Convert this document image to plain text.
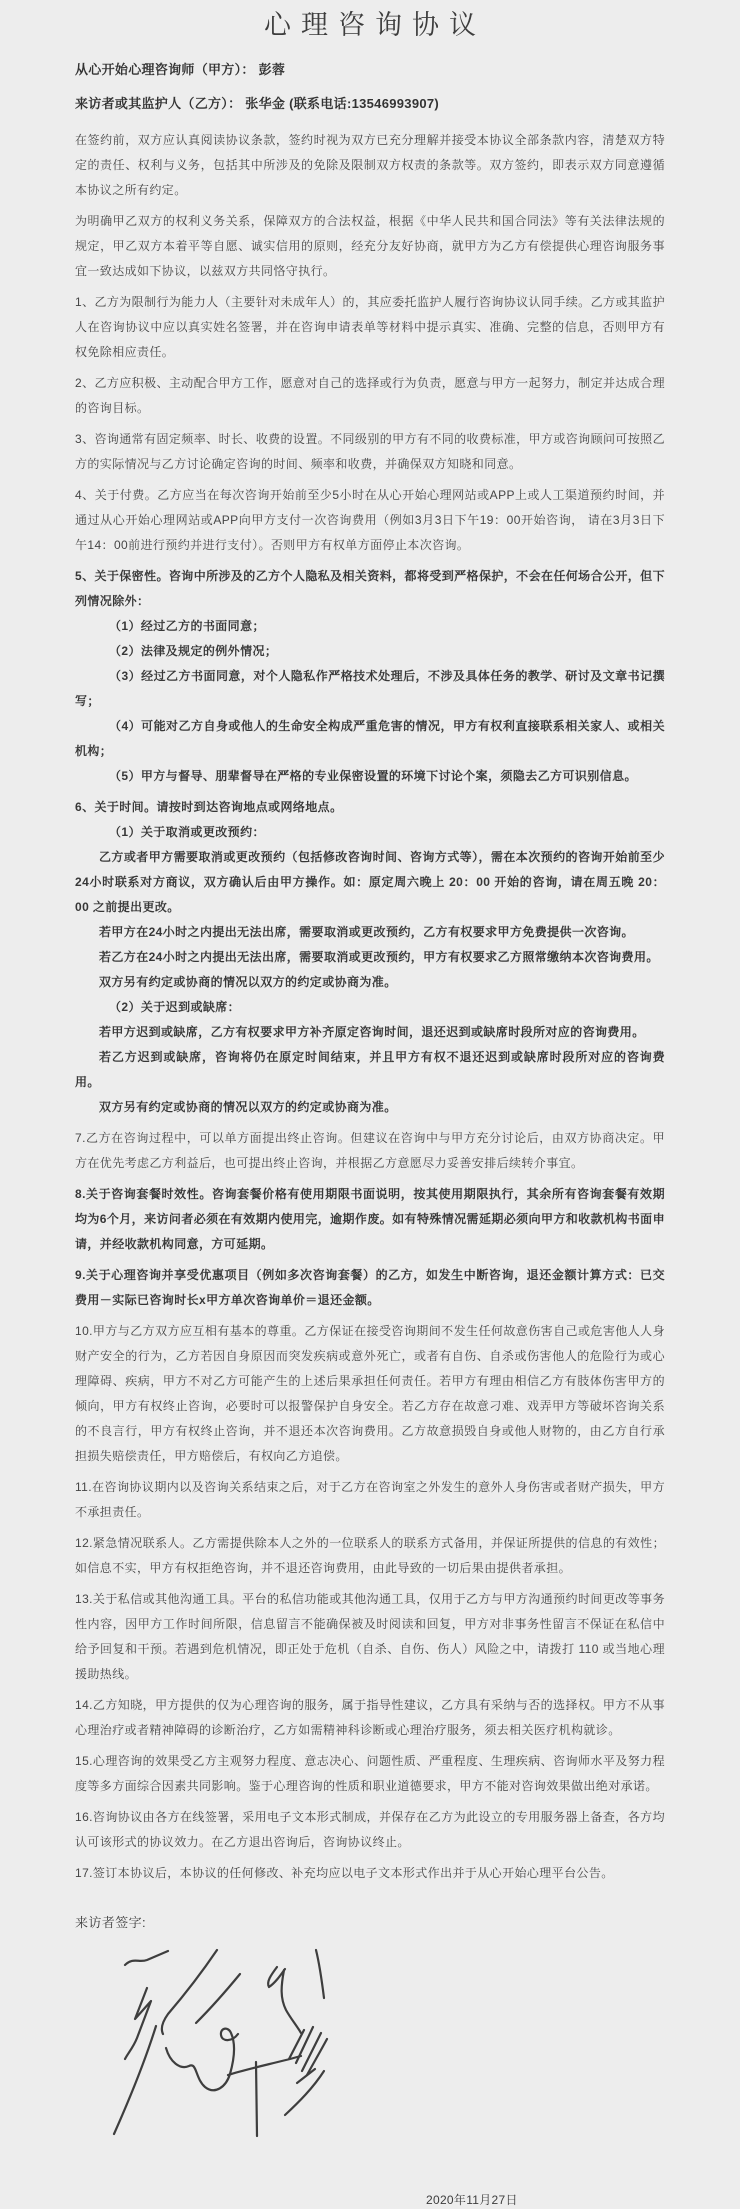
心理咨询协议

从心开始心理咨询师（甲方）： 彭蓉

来访者或其监护人（乙方）： 张华金 (联系电话:13546993907)

在签约前，双方应认真阅读协议条款，签约时视为双方已充分理解并接受本协议全部条款内容，清楚双方特定的责任、权利与义务，包括其中所涉及的免除及限制双方权责的条款等。双方签约，即表示双方同意遵循本协议之所有约定。

为明确甲乙双方的权利义务关系，保障双方的合法权益，根据《中华人民共和国合同法》等有关法律法规的规定，甲乙双方本着平等自愿、诚实信用的原则，经充分友好协商，就甲方为乙方有偿提供心理咨询服务事宜一致达成如下协议，以兹双方共同恪守执行。

1、乙方为限制行为能力人（主要针对未成年人）的，其应委托监护人履行咨询协议认同手续。乙方或其监护人在咨询协议中应以真实姓名签署，并在咨询申请表单等材料中提示真实、准确、完整的信息，否则甲方有权免除相应责任。

2、乙方应积极、主动配合甲方工作，愿意对自己的选择或行为负责，愿意与甲方一起努力，制定并达成合理的咨询目标。

3、咨询通常有固定频率、时长、收费的设置。不同级别的甲方有不同的收费标准，甲方或咨询顾问可按照乙方的实际情况与乙方讨论确定咨询的时间、频率和收费，并确保双方知晓和同意。

4、关于付费。乙方应当在每次咨询开始前至少5小时在从心开始心理网站或APP上或人工渠道预约时间，并通过从心开始心理网站或APP向甲方支付一次咨询费用（例如3月3日下午19：00开始咨询， 请在3月3日下午14：00前进行预约并进行支付）。否则甲方有权单方面停止本次咨询。

5、关于保密性。咨询中所涉及的乙方个人隐私及相关资料，都将受到严格保护，不会在任何场合公开，但下列情况除外：

（1）经过乙方的书面同意；

（2）法律及规定的例外情况；

（3）经过乙方书面同意，对个人隐私作严格技术处理后，不涉及具体任务的教学、研讨及文章书记撰写；

（4）可能对乙方自身或他人的生命安全构成严重危害的情况，甲方有权利直接联系相关家人、或相关机构；

（5）甲方与督导、朋辈督导在严格的专业保密设置的环境下讨论个案，须隐去乙方可识别信息。

6、关于时间。请按时到达咨询地点或网络地点。

（1）关于取消或更改预约：

乙方或者甲方需要取消或更改预约（包括修改咨询时间、咨询方式等），需在本次预约的咨询开始前至少24小时联系对方商议，双方确认后由甲方操作。如：原定周六晚上 20：00 开始的咨询，请在周五晚 20：00 之前提出更改。

若甲方在24小时之内提出无法出席，需要取消或更改预约，乙方有权要求甲方免费提供一次咨询。

若乙方在24小时之内提出无法出席，需要取消或更改预约，甲方有权要求乙方照常缴纳本次咨询费用。

双方另有约定或协商的情况以双方的约定或协商为准。

（2）关于迟到或缺席：

若甲方迟到或缺席，乙方有权要求甲方补齐原定咨询时间，退还迟到或缺席时段所对应的咨询费用。

若乙方迟到或缺席，咨询将仍在原定时间结束，并且甲方有权不退还迟到或缺席时段所对应的咨询费用。

双方另有约定或协商的情况以双方的约定或协商为准。

7.乙方在咨询过程中，可以单方面提出终止咨询。但建议在咨询中与甲方充分讨论后，由双方协商决定。甲方在优先考虑乙方利益后，也可提出终止咨询，并根据乙方意愿尽力妥善安排后续转介事宜。

8.关于咨询套餐时效性。咨询套餐价格有使用期限书面说明，按其使用期限执行，其余所有咨询套餐有效期均为6个月，来访问者必须在有效期内使用完，逾期作废。如有特殊情况需延期必须向甲方和收款机构书面申请，并经收款机构同意，方可延期。

9.关于心理咨询并享受优惠项目（例如多次咨询套餐）的乙方，如发生中断咨询，退还金额计算方式：已交费用－实际已咨询时长x甲方单次咨询单价＝退还金额。

10.甲方与乙方双方应互相有基本的尊重。乙方保证在接受咨询期间不发生任何故意伤害自己或危害他人人身财产安全的行为，乙方若因自身原因而突发疾病或意外死亡，或者有自伤、自杀或伤害他人的危险行为或心理障碍、疾病，甲方不对乙方可能产生的上述后果承担任何责任。若甲方有理由相信乙方有肢体伤害甲方的倾向，甲方有权终止咨询，必要时可以报警保护自身安全。若乙方存在故意刁难、戏弄甲方等破坏咨询关系的不良言行，甲方有权终止咨询，并不退还本次咨询费用。乙方故意损毁自身或他人财物的，由乙方自行承担损失赔偿责任，甲方赔偿后，有权向乙方追偿。

11.在咨询协议期内以及咨询关系结束之后，对于乙方在咨询室之外发生的意外人身伤害或者财产损失，甲方不承担责任。

12.紧急情况联系人。乙方需提供除本人之外的一位联系人的联系方式备用，并保证所提供的信息的有效性；如信息不实，甲方有权拒绝咨询，并不退还咨询费用，由此导致的一切后果由提供者承担。

13.关于私信或其他沟通工具。平台的私信功能或其他沟通工具，仅用于乙方与甲方沟通预约时间更改等事务性内容，因甲方工作时间所限，信息留言不能确保被及时阅读和回复，甲方对非事务性留言不保证在私信中给予回复和干预。若遇到危机情况，即正处于危机（自杀、自伤、伤人）风险之中，请拨打 110 或当地心理援助热线。

14.乙方知晓，甲方提供的仅为心理咨询的服务，属于指导性建议，乙方具有采纳与否的选择权。甲方不从事心理治疗或者精神障碍的诊断治疗，乙方如需精神科诊断或心理治疗服务，须去相关医疗机构就诊。

15.心理咨询的效果受乙方主观努力程度、意志决心、问题性质、严重程度、生理疾病、咨询师水平及努力程度等多方面综合因素共同影响。鉴于心理咨询的性质和职业道德要求，甲方不能对咨询效果做出绝对承诺。

16.咨询协议由各方在线签署，采用电子文本形式制成，并保存在乙方为此设立的专用服务器上备查，各方均认可该形式的协议效力。在乙方退出咨询后，咨询协议终止。

17.签订本协议后，本协议的任何修改、补充均应以电子文本形式作出并于从心开始心理平台公告。

来访者签字:

2020年11月27日
